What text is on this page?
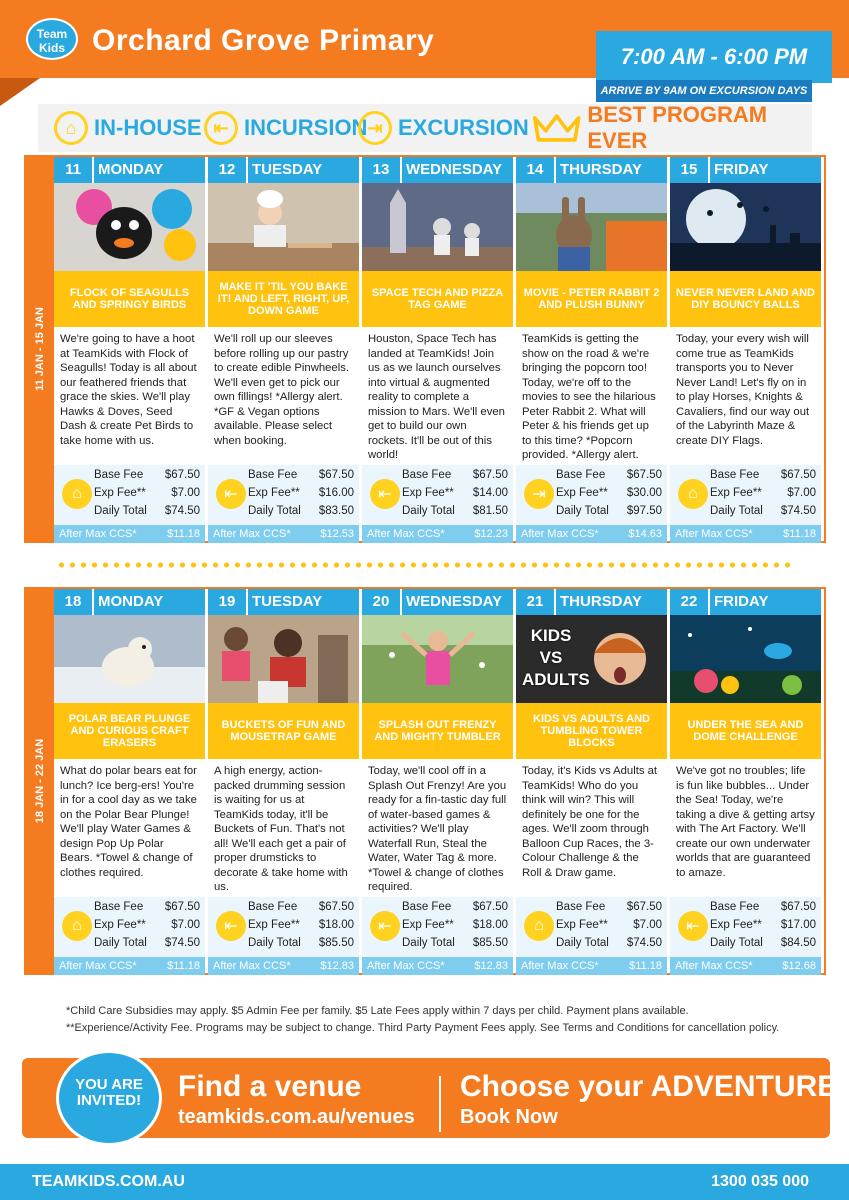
Team Kids Orchard Grove Primary	7:00 AM - 6:00 PM
ARRIVE BY 9AM ON EXCURSION DAYS
⌂ IN-HOUSE ⇤ INCURSION ⇥ EXCURSION
BEST PROGRAM EVER
11 JAN - 15 JAN
11	MONDAY
FLOCK OF SEAGULLS AND SPRINGY BIRDS
We're going to have a hoot at TeamKids with Flock of Seagulls! Today is all about our feathered friends that grace the skies. We'll play Hawks & Doves, Seed Dash & create Pet Birds to take home with us.
⌂
Base Fee $67.50
Exp Fee** $7.00
Daily Total $74.50
After Max CCS*	$11.18
12	TUESDAY
MAKE IT 'TIL YOU BAKE IT! AND LEFT, RIGHT, UP, DOWN GAME
We'll roll up our sleeves before rolling up our pastry to create edible Pinwheels. We'll even get to pick our own fillings! *Allergy alert. *GF & Vegan options available. Please select when booking.
⇤
Base Fee $67.50
Exp Fee** $16.00
Daily Total $83.50
After Max CCS*	$12.53
13	WEDNESDAY
SPACE TECH AND PIZZA TAG GAME
Houston, Space Tech has landed at TeamKids! Join us as we launch ourselves into virtual & augmented reality to complete a mission to Mars. We'll even get to build our own rockets. It'll be out of this world!
⇤
Base Fee $67.50
Exp Fee** $14.00
Daily Total $81.50
After Max CCS*	$12.23
14	THURSDAY
MOVIE - PETER RABBIT 2 AND PLUSH BUNNY
TeamKids is getting the show on the road & we're bringing the popcorn too! Today, we're off to the movies to see the hilarious Peter Rabbit 2. What will Peter & his friends get up to this time? *Popcorn provided. *Allergy alert.
⇥
Base Fee $67.50
Exp Fee** $30.00
Daily Total $97.50
After Max CCS*	$14.63
15	FRIDAY
NEVER NEVER LAND AND DIY BOUNCY BALLS
Today, your every wish will come true as TeamKids transports you to Never Never Land! Let's fly on in to play Horses, Knights & Cavaliers, find our way out of the Labyrinth Maze & create DIY Flags.
⌂
Base Fee $67.50
Exp Fee** $7.00
Daily Total $74.50
After Max CCS*	$11.18
18 JAN - 22 JAN
18	MONDAY
POLAR BEAR PLUNGE AND CURIOUS CRAFT ERASERS
What do polar bears eat for lunch? Ice berg-ers! You're in for a cool day as we take on the Polar Bear Plunge! We'll play Water Games & design Pop Up Polar Bears. *Towel & change of clothes required.
⌂
Base Fee $67.50
Exp Fee** $7.00
Daily Total $74.50
After Max CCS*	$11.18
19	TUESDAY
BUCKETS OF FUN AND MOUSETRAP GAME
A high energy, action-packed drumming session is waiting for us at TeamKids today, it'll be Buckets of Fun. That's not all! We'll each get a pair of proper drumsticks to decorate & take home with us.
⇤
Base Fee $67.50
Exp Fee** $18.00
Daily Total $85.50
After Max CCS*	$12.83
20	WEDNESDAY
SPLASH OUT FRENZY AND MIGHTY TUMBLER
Today, we'll cool off in a Splash Out Frenzy! Are you ready for a fin-tastic day full of water-based games & activities? We'll play Waterfall Run, Steal the Water, Water Tag & more. *Towel & change of clothes required.
⇤
Base Fee $67.50
Exp Fee** $18.00
Daily Total $85.50
After Max CCS*	$12.83
21	THURSDAY
KIDS VS ADULTS
KIDS VS ADULTS AND TUMBLING TOWER BLOCKS
Today, it's Kids vs Adults at TeamKids! Who do you think will win? This will definitely be one for the ages. We'll zoom through Balloon Cup Races, the 3-Colour Challenge & the Roll & Draw game.
⌂
Base Fee $67.50
Exp Fee** $7.00
Daily Total $74.50
After Max CCS*	$11.18
22	FRIDAY
UNDER THE SEA AND DOME CHALLENGE
We've got no troubles; life is fun like bubbles... Under the Sea! Today, we're taking a dive & getting artsy with The Art Factory. We'll create our own underwater worlds that are guaranteed to amaze.
⇤
Base Fee $67.50
Exp Fee** $17.00
Daily Total $84.50
After Max CCS*	$12.68
*Child Care Subsidies may apply. $5 Admin Fee per family. $5 Late Fees apply within 7 days per child. Payment plans available.
**Experience/Activity Fee. Programs may be subject to change. Third Party Payment Fees apply. See Terms and Conditions for cancellation policy.
YOU ARE INVITED!	Find a venue
teamkids.com.au/venues
Choose your ADVENTURE!
Book Now
TEAMKIDS.COM.AU	1300 035 000
